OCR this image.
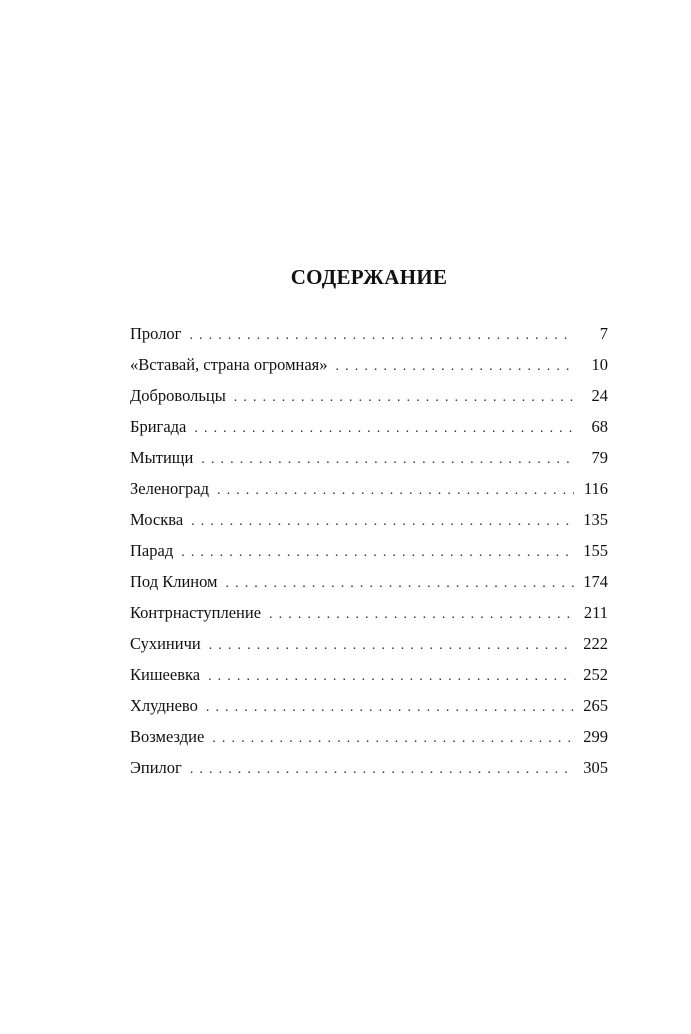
СОДЕРЖАНИЕ
Пролог . . .	7
«Вставай, страна огромная» . . .	10
Добровольцы . . .	24
Бригада . . .	68
Мытищи . . .	79
Зеленоград . . .	116
Москва . . .	135
Парад . . .	155
Под Клином . . .	174
Контрнаступление . . .	211
Сухиничи . . .	222
Кишеевка . . .	252
Хлуднево . . .	265
Возмездие . . .	299
Эпилог . . .	305
